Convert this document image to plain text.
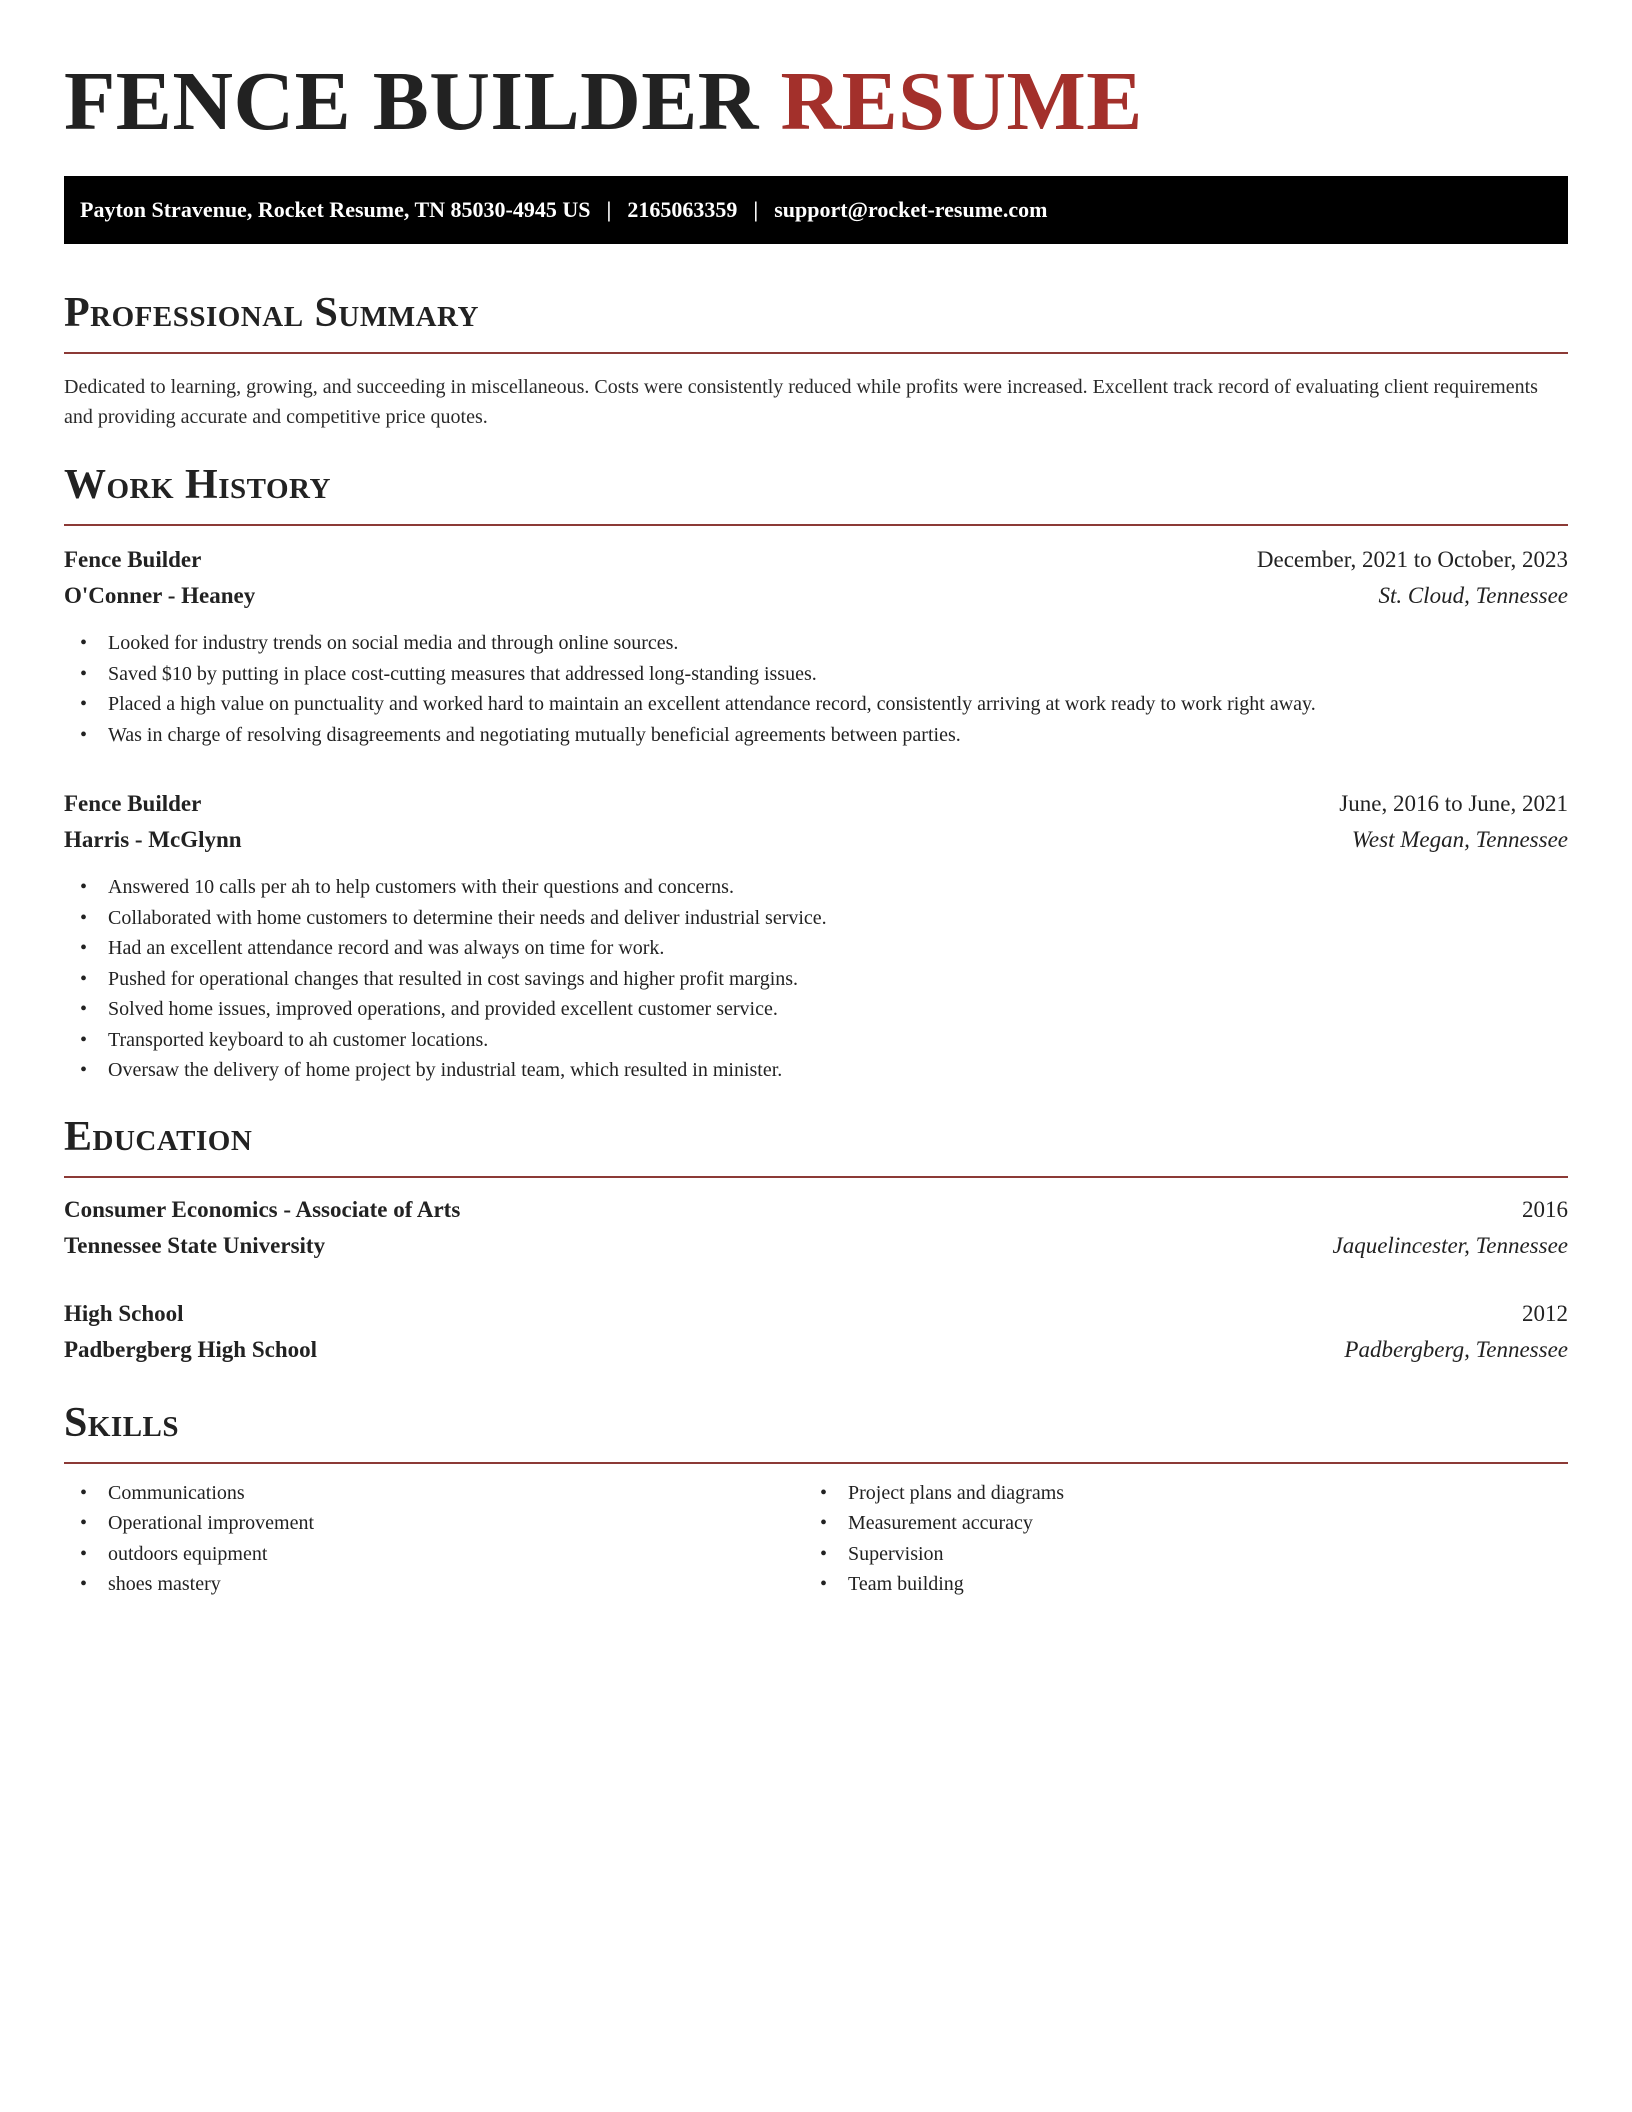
FENCE BUILDER RESUME
Payton Stravenue, Rocket Resume, TN 85030-4945 US | 2165063359 | support@rocket-resume.com
Professional Summary

Dedicated to learning, growing, and succeeding in miscellaneous. Costs were consistently reduced while profits were increased. Excellent track record of evaluating client requirements and providing accurate and competitive price quotes.

Work History
Fence Builder	December, 2021 to October, 2023
O'Conner - Heaney	St. Cloud, Tennessee
• Looked for industry trends on social media and through online sources.
• Saved $10 by putting in place cost-cutting measures that addressed long-standing issues.
• Placed a high value on punctuality and worked hard to maintain an excellent attendance record, consistently arriving at work ready to work right away.
• Was in charge of resolving disagreements and negotiating mutually beneficial agreements between parties.
Fence Builder	June, 2016 to June, 2021
Harris - McGlynn	West Megan, Tennessee
• Answered 10 calls per ah to help customers with their questions and concerns.
• Collaborated with home customers to determine their needs and deliver industrial service.
• Had an excellent attendance record and was always on time for work.
• Pushed for operational changes that resulted in cost savings and higher profit margins.
• Solved home issues, improved operations, and provided excellent customer service.
• Transported keyboard to ah customer locations.
• Oversaw the delivery of home project by industrial team, which resulted in minister.
Education
Consumer Economics - Associate of Arts	2016
Tennessee State University	Jaquelincester, Tennessee
High School	2012
Padbergberg High School	Padbergberg, Tennessee
Skills
• Communications
• Operational improvement
• outdoors equipment
• shoes mastery
• Project plans and diagrams
• Measurement accuracy
• Supervision
• Team building
